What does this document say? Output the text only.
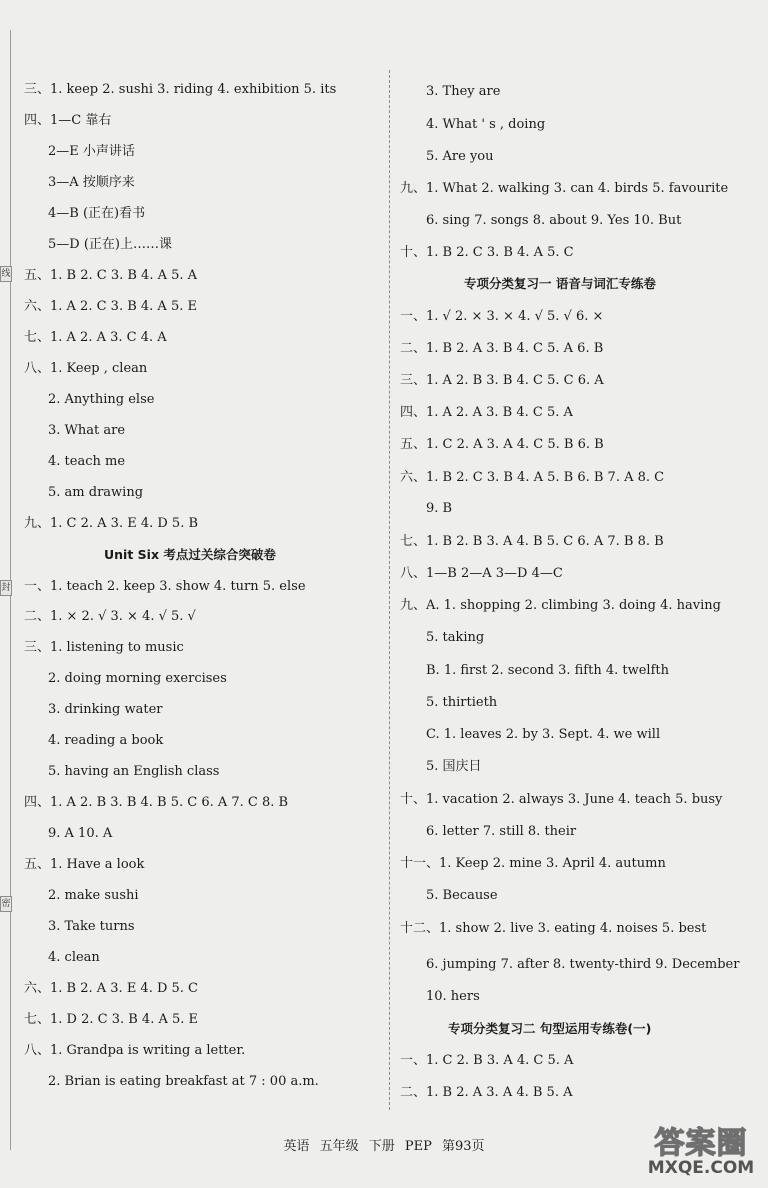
线
封
密
三、1. keep 2. sushi 3. riding 4. exhibition 5. its
四、1—C 靠右
2—E 小声讲话
3—A 按顺序来
4—B (正在)看书
5—D (正在)上……课
五、1. B 2. C 3. B 4. A 5. A
六、1. A 2. C 3. B 4. A 5. E
七、1. A 2. A 3. C 4. A
八、1. Keep , clean
2. Anything else
3. What are
4. teach me
5. am drawing
九、1. C 2. A 3. E 4. D 5. B
Unit Six 考点过关综合突破卷
一、1. teach 2. keep 3. show 4. turn 5. else
二、1. × 2. √ 3. × 4. √ 5. √
三、1. listening to music
2. doing morning exercises
3. drinking water
4. reading a book
5. having an English class
四、1. A 2. B 3. B 4. B 5. C 6. A 7. C 8. B
9. A 10. A
五、1. Have a look
2. make sushi
3. Take turns
4. clean
六、1. B 2. A 3. E 4. D 5. C
七、1. D 2. C 3. B 4. A 5. E
八、1. Grandpa is writing a letter.
2. Brian is eating breakfast at 7 : 00 a.m.
3. They are
4. What ' s , doing
5. Are you
九、1. What 2. walking 3. can 4. birds 5. favourite
6. sing 7. songs 8. about 9. Yes 10. But
十、1. B 2. C 3. B 4. A 5. C
专项分类复习一 语音与词汇专练卷
一、1. √ 2. × 3. × 4. √ 5. √ 6. ×
二、1. B 2. A 3. B 4. C 5. A 6. B
三、1. A 2. B 3. B 4. C 5. C 6. A
四、1. A 2. A 3. B 4. C 5. A
五、1. C 2. A 3. A 4. C 5. B 6. B
六、1. B 2. C 3. B 4. A 5. B 6. B 7. A 8. C
9. B
七、1. B 2. B 3. A 4. B 5. C 6. A 7. B 8. B
八、1—B 2—A 3—D 4—C
九、A. 1. shopping 2. climbing 3. doing 4. having
5. taking
B. 1. first 2. second 3. fifth 4. twelfth
5. thirtieth
C. 1. leaves 2. by 3. Sept. 4. we will
5. 国庆日
十、1. vacation 2. always 3. June 4. teach 5. busy
6. letter 7. still 8. their
十一、1. Keep 2. mine 3. April 4. autumn
5. Because
十二、1. show 2. live 3. eating 4. noises 5. best
6. jumping 7. after 8. twenty-third 9. December
10. hers
专项分类复习二 句型运用专练卷(一)
一、1. C 2. B 3. A 4. C 5. A
二、1. B 2. A 3. A 4. B 5. A
英语 五年级 下册 PEP 第93页	答案圈
MXQE.COM
